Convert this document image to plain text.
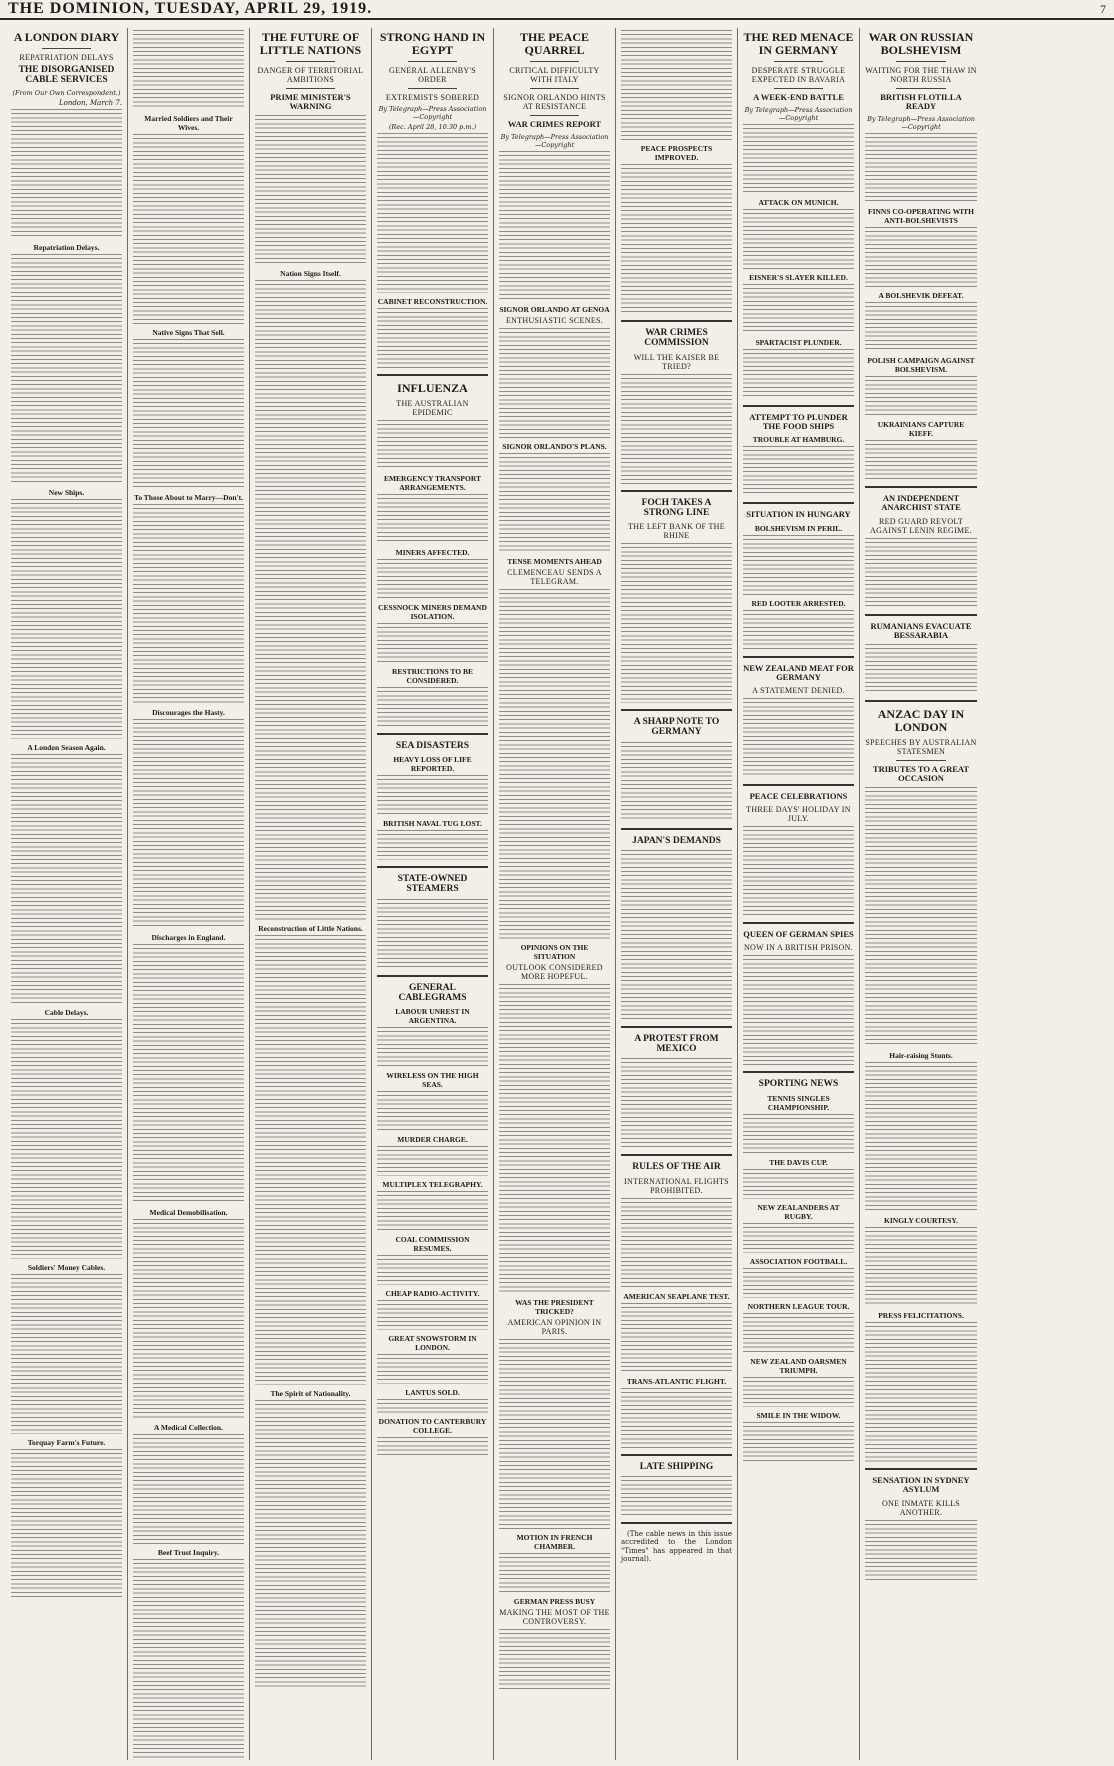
THE DOMINION, TUESDAY, APRIL 29, 1919.	7
A LONDON DIARY
REPATRIATION DELAYS
THE DISORGANISED CABLE SERVICES
(From Our Own Correspondent.)
London, March 7.
Repatriation Delays.
New Ships.
A London Season Again.
Cable Delays.
Soldiers' Money Cables.
Torquay Farm's Future.
Married Soldiers and Their Wives.
Native Signs That Sell.
To Those About to Marry—Don't.
Discourages the Hasty.
Discharges in England.
Medical Demobilisation.
A Medical Collection.
Beef Trust Inquiry.
THE FUTURE OF LITTLE NATIONS
DANGER OF TERRITORIAL AMBITIONS
PRIME MINISTER'S WARNING
Nation Signs Itself.
Reconstruction of Little Nations.
The Spirit of Nationality.
STRONG HAND IN EGYPT
GENERAL ALLENBY'S ORDER
EXTREMISTS SOBERED
By Telegraph—Press Association—Copyright
(Rec. April 28, 10.30 p.m.)
CABINET RECONSTRUCTION.
INFLUENZA
THE AUSTRALIAN EPIDEMIC
EMERGENCY TRANSPORT ARRANGEMENTS.
MINERS AFFECTED.
CESSNOCK MINERS DEMAND ISOLATION.
RESTRICTIONS TO BE CONSIDERED.
SEA DISASTERS
HEAVY LOSS OF LIFE REPORTED.
BRITISH NAVAL TUG LOST.
STATE-OWNED STEAMERS
GENERAL CABLEGRAMS
LABOUR UNREST IN ARGENTINA.
WIRELESS ON THE HIGH SEAS.
MURDER CHARGE.
MULTIPLEX TELEGRAPHY.
COAL COMMISSION RESUMES.
CHEAP RADIO-ACTIVITY.
GREAT SNOWSTORM IN LONDON.
LANTUS SOLD.
DONATION TO CANTERBURY COLLEGE.
THE PEACE QUARREL
CRITICAL DIFFICULTY WITH ITALY
SIGNOR ORLANDO HINTS AT RESISTANCE
WAR CRIMES REPORT
By Telegraph—Press Association—Copyright
SIGNOR ORLANDO AT GENOA
ENTHUSIASTIC SCENES.
SIGNOR ORLANDO'S PLANS.
TENSE MOMENTS AHEAD
CLEMENCEAU SENDS A TELEGRAM.
OPINIONS ON THE SITUATION
OUTLOOK CONSIDERED MORE HOPEFUL.
WAS THE PRESIDENT TRICKED?
AMERICAN OPINION IN PARIS.
MOTION IN FRENCH CHAMBER.
GERMAN PRESS BUSY
MAKING THE MOST OF THE CONTROVERSY.
PEACE PROSPECTS IMPROVED.
WAR CRIMES COMMISSION
WILL THE KAISER BE TRIED?
FOCH TAKES A STRONG LINE
THE LEFT BANK OF THE RHINE
A SHARP NOTE TO GERMANY
JAPAN'S DEMANDS
A PROTEST FROM MEXICO
RULES OF THE AIR
INTERNATIONAL FLIGHTS PROHIBITED.
AMERICAN SEAPLANE TEST.
TRANS-ATLANTIC FLIGHT.
LATE SHIPPING
(The cable news in this issue accredited to the London "Times" has appeared in that journal).
THE RED MENACE IN GERMANY
DESPERATE STRUGGLE EXPECTED IN BAVARIA
A WEEK-END BATTLE
By Telegraph—Press Association—Copyright
ATTACK ON MUNICH.
EISNER'S SLAYER KILLED.
SPARTACIST PLUNDER.
ATTEMPT TO PLUNDER THE FOOD SHIPS
TROUBLE AT HAMBURG.
SITUATION IN HUNGARY
BOLSHEVISM IN PERIL.
RED LOOTER ARRESTED.
NEW ZEALAND MEAT FOR GERMANY
A STATEMENT DENIED.
PEACE CELEBRATIONS
THREE DAYS' HOLIDAY IN JULY.
QUEEN OF GERMAN SPIES
NOW IN A BRITISH PRISON.
SPORTING NEWS
TENNIS SINGLES CHAMPIONSHIP.
THE DAVIS CUP.
NEW ZEALANDERS AT RUGBY.
ASSOCIATION FOOTBALL.
NORTHERN LEAGUE TOUR.
NEW ZEALAND OARSMEN TRIUMPH.
SMILE IN THE WIDOW.
WAR ON RUSSIAN BOLSHEVISM
WAITING FOR THE THAW IN NORTH RUSSIA
BRITISH FLOTILLA READY
By Telegraph—Press Association—Copyright
FINNS CO-OPERATING WITH ANTI-BOLSHEVISTS
A BOLSHEVIK DEFEAT.
POLISH CAMPAIGN AGAINST BOLSHEVISM.
UKRAINIANS CAPTURE KIEFF.
AN INDEPENDENT ANARCHIST STATE
RED GUARD REVOLT AGAINST LENIN REGIME.
RUMANIANS EVACUATE BESSARABIA
ANZAC DAY IN LONDON
SPEECHES BY AUSTRALIAN STATESMEN
TRIBUTES TO A GREAT OCCASION
Hair-raising Stunts.
KINGLY COURTESY.
PRESS FELICITATIONS.
SENSATION IN SYDNEY ASYLUM
ONE INMATE KILLS ANOTHER.
